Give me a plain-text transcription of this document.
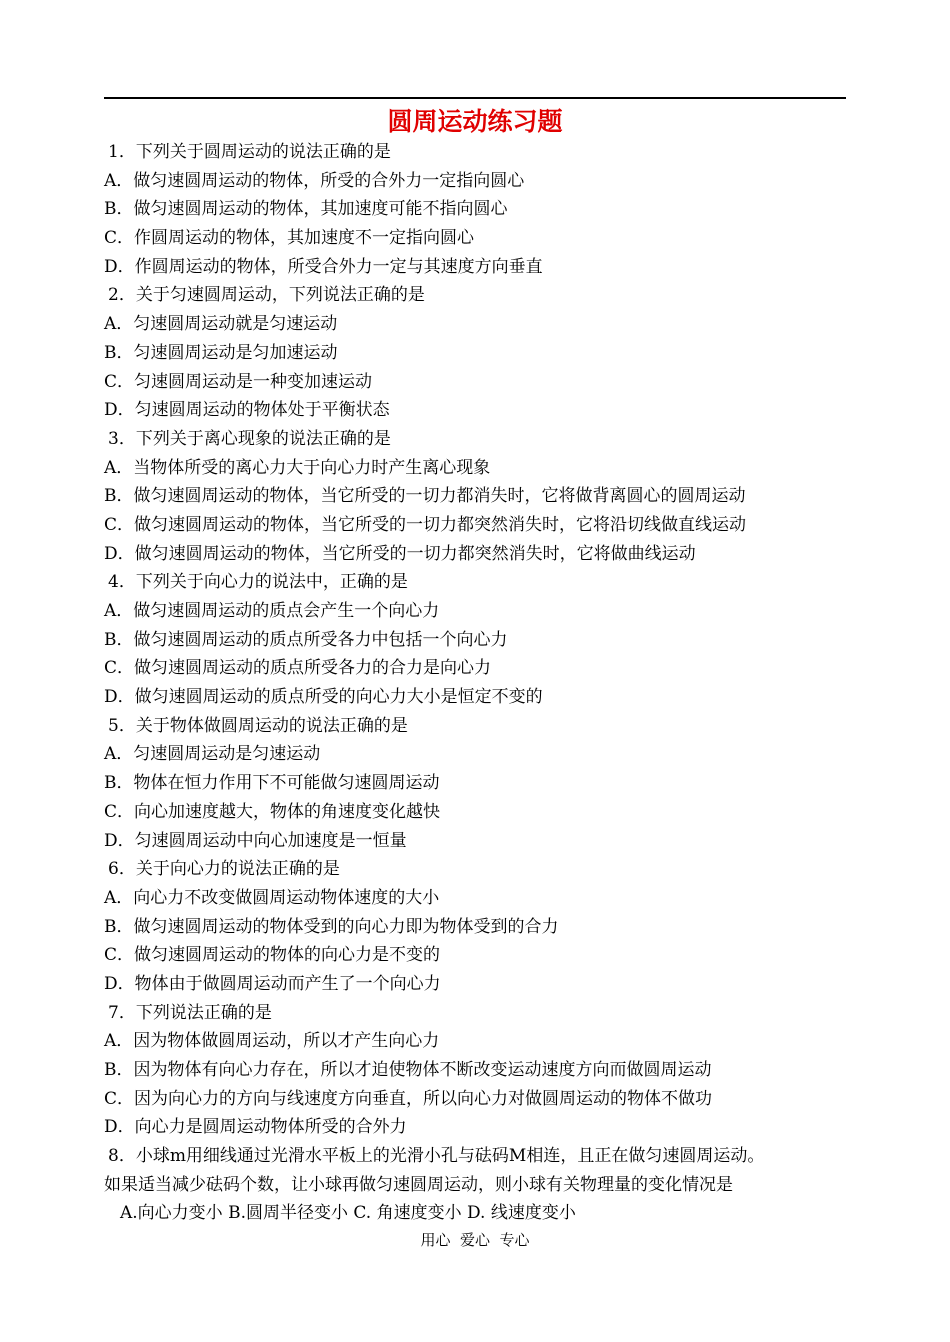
圆周运动练习题
1．下列关于圆周运动的说法正确的是
A．做匀速圆周运动的物体，所受的合外力一定指向圆心
B．做匀速圆周运动的物体，其加速度可能不指向圆心
C．作圆周运动的物体，其加速度不一定指向圆心
D．作圆周运动的物体，所受合外力一定与其速度方向垂直
2．关于匀速圆周运动，下列说法正确的是
A．匀速圆周运动就是匀速运动
B．匀速圆周运动是匀加速运动
C．匀速圆周运动是一种变加速运动
D．匀速圆周运动的物体处于平衡状态
3．下列关于离心现象的说法正确的是
A．当物体所受的离心力大于向心力时产生离心现象
B．做匀速圆周运动的物体，当它所受的一切力都消失时，它将做背离圆心的圆周运动
C．做匀速圆周运动的物体，当它所受的一切力都突然消失时，它将沿切线做直线运动
D．做匀速圆周运动的物体，当它所受的一切力都突然消失时，它将做曲线运动
4．下列关于向心力的说法中，正确的是
A．做匀速圆周运动的质点会产生一个向心力
B．做匀速圆周运动的质点所受各力中包括一个向心力
C．做匀速圆周运动的质点所受各力的合力是向心力
D．做匀速圆周运动的质点所受的向心力大小是恒定不变的
5．关于物体做圆周运动的说法正确的是
A．匀速圆周运动是匀速运动
B．物体在恒力作用下不可能做匀速圆周运动
C．向心加速度越大，物体的角速度变化越快
D．匀速圆周运动中向心加速度是一恒量
6．关于向心力的说法正确的是
A．向心力不改变做圆周运动物体速度的大小
B．做匀速圆周运动的物体受到的向心力即为物体受到的合力
C．做匀速圆周运动的物体的向心力是不变的
D．物体由于做圆周运动而产生了一个向心力
7．下列说法正确的是
A．因为物体做圆周运动，所以才产生向心力
B．因为物体有向心力存在，所以才迫使物体不断改变运动速度方向而做圆周运动
C．因为向心力的方向与线速度方向垂直，所以向心力对做圆周运动的物体不做功
D．向心力是圆周运动物体所受的合外力
8．小球m用细线通过光滑水平板上的光滑小孔与砝码M相连，且正在做匀速圆周运动。
如果适当减少砝码个数，让小球再做匀速圆周运动，则小球有关物理量的变化情况是
A.向心力变小 B.圆周半径变小 C. 角速度变小 D. 线速度变小
用心  爱心  专心
